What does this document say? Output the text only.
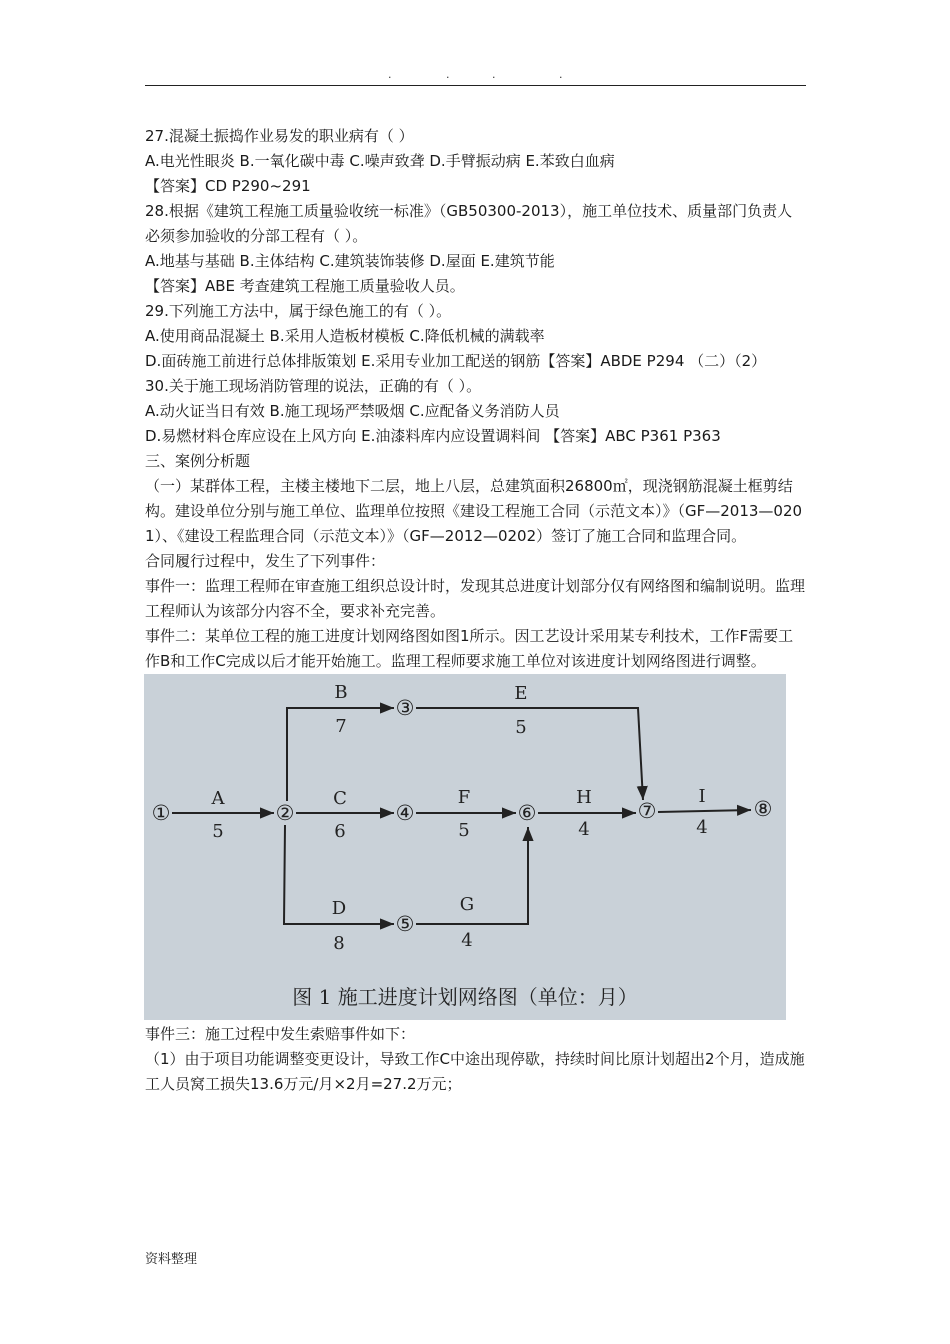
.	.	.	.

27.混凝土振捣作业易发的职业病有（ ）

A.电光性眼炎 B.一氧化碳中毒 C.噪声致聋 D.手臂振动病 E.苯致白血病

【答案】CD P290~291

28.根据《建筑工程施工质量验收统一标准》（GB50300-2013），施工单位技术、质量部门负责人必须参加验收的分部工程有（ ）。

A.地基与基础 B.主体结构 C.建筑装饰装修 D.屋面 E.建筑节能

【答案】ABE 考查建筑工程施工质量验收人员。

29.下列施工方法中，属于绿色施工的有（ ）。

A.使用商品混凝土 B.采用人造板材模板 C.降低机械的满载率

D.面砖施工前进行总体排版策划 E.采用专业加工配送的钢筋【答案】ABDE P294 （二）（2）

30.关于施工现场消防管理的说法，正确的有（ ）。

A.动火证当日有效 B.施工现场严禁吸烟 C.应配备义务消防人员

D.易燃材料仓库应设在上风方向 E.油漆料库内应设置调料间 【答案】ABC P361 P363

三、案例分析题

（一）某群体工程，主楼主楼地下二层，地上八层，总建筑面积26800㎡，现浇钢筋混凝土框剪结构。建设单位分别与施工单位、监理单位按照《建设工程施工合同（示范文本）》（GF—2013—0201）、《建设工程监理合同（示范文本）》（GF—2012—0202）签订了施工合同和监理合同。

合同履行过程中，发生了下列事件：

事件一：监理工程师在审查施工组织总设计时，发现其总进度计划部分仅有网络图和编制说明。监理工程师认为该部分内容不全，要求补充完善。

事件二：某单位工程的施工进度计划网络图如图1所示。因工艺设计采用某专利技术，工作F需要工作B和工作C完成以后才能开始施工。监理工程师要求施工单位对该进度计划网络图进行调整。

①	②
③
④
⑤
⑥	⑦	⑧
A
5
B
7
C
6
D
8
E
5
F
5
G
4
H
4
I
4
图 1 施工进度计划网络图（单位：月）

事件三：施工过程中发生索赔事件如下：

（1）由于项目功能调整变更设计，导致工作C中途出现停歇，持续时间比原计划超出2个月，造成施工人员窝工损失13.6万元/月×2月=27.2万元；

资料整理
